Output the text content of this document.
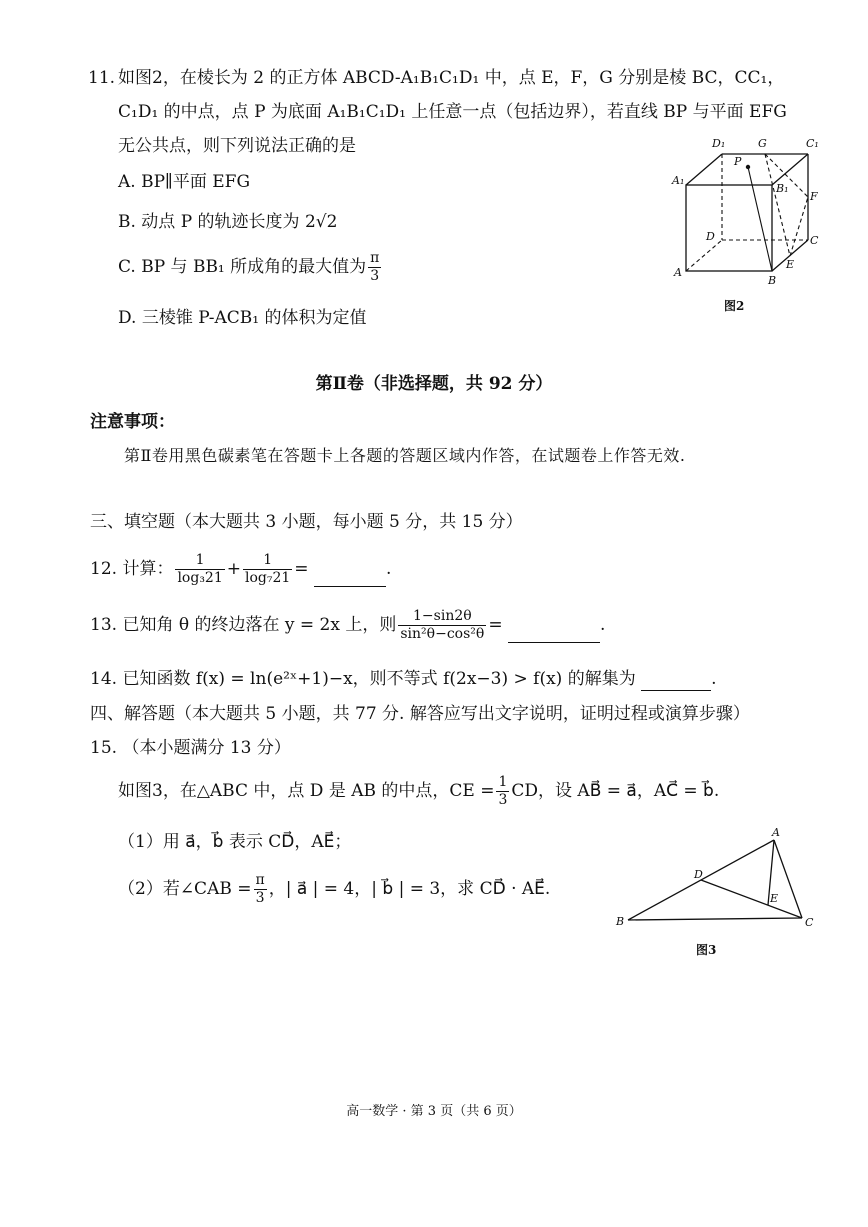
11. 如图2，在棱长为 2 的正方体 ABCD-A₁B₁C₁D₁ 中，点 E，F，G 分别是棱 BC，CC₁，
C₁D₁ 的中点，点 P 为底面 A₁B₁C₁D₁ 上任意一点（包括边界），若直线 BP 与平面 EFG
无公共点，则下列说法正确的是
A. BP∥平面 EFG
B. 动点 P 的轨迹长度为 2√2
C. BP 与 BB₁ 所成角的最大值为 $\frac{\pi}{3}$
D. 三棱锥 P-ACB₁ 的体积为定值
D₁	G	C₁
P
A₁
B₁
F
D	C
E
A
B
图2
第Ⅱ卷（非选择题，共 92 分）
注意事项：
第Ⅱ卷用黑色碳素笔在答题卡上各题的答题区域内作答，在试题卷上作答无效.
三、填空题（本大题共 3 小题，每小题 5 分，共 15 分）
12. 计算： $\frac{1}{\text{log₃21}} + \frac{1}{\text{log₇21}}$ =	.
13. 已知角 θ 的终边落在 y = 2x 上，则 $\frac{1-\sin 2\theta}{\text{sin²θ−cos²θ}}$ =	.
14. 已知函数 f(x) = ln(e²ˣ+1)−x，则不等式 f(2x−3) > f(x) 的解集为	.
四、解答题（本大题共 5 小题，共 77 分. 解答应写出文字说明，证明过程或演算步骤）
15. （本小题满分 13 分）
如图3，在△ABC 中，点 D 是 AB 的中点，CE = $\frac{1}{3}$ CD，设 AB⃗ = a⃗，AC⃗ = b⃗.
（1）用 a⃗，b⃗ 表示 CD⃗，AE⃗；
（2）若∠CAB = $\frac{\pi}{3}$ ，| a⃗ | = 4，| b⃗ | = 3，求 CD⃗ · AE⃗.
A
B	C
D
E
图3
高一数学 · 第 3 页（共 6 页）
